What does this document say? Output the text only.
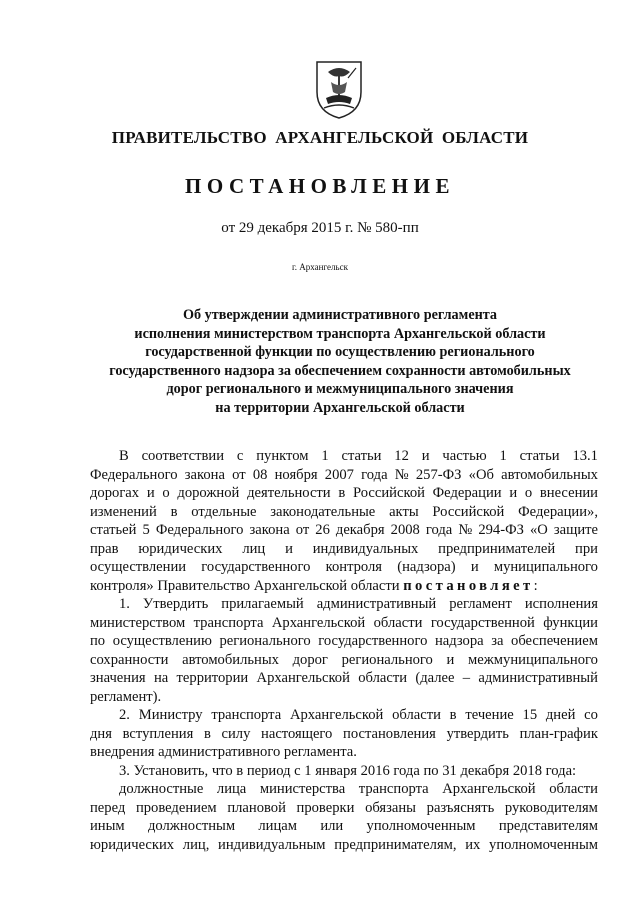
ПРАВИТЕЛЬСТВО АРХАНГЕЛЬСКОЙ ОБЛАСТИ
ПОСТАНОВЛЕНИЕ
от 29 декабря 2015 г. № 580-пп
г. Архангельск
Об утверждении административного регламента
исполнения министерством транспорта Архангельской области
государственной функции по осуществлению регионального
государственного надзора за обеспечением сохранности автомобильных
дорог регионального и межмуниципального значения
на территории Архангельской области
В соответствии с пунктом 1 статьи 12 и частью 1 статьи 13.1
Федерального закона от 08 ноября 2007 года № 257-ФЗ «Об автомобильных
дорогах и о дорожной деятельности в Российской Федерации и о внесении
изменений в отдельные законодательные акты Российской Федерации»,
статьей 5 Федерального закона от 26 декабря 2008 года № 294-ФЗ «О защите
прав юридических лиц и индивидуальных предпринимателей при
осуществлении государственного контроля (надзора) и муниципального
контроля» Правительство Архангельской области
постановляет :
1. Утвердить прилагаемый административный регламент исполнения
министерством транспорта Архангельской области государственной функции
по осуществлению регионального государственного надзора за обеспечением
сохранности автомобильных дорог регионального и межмуниципального
значения на территории Архангельской области (далее – административный
регламент).
2. Министру транспорта Архангельской области в течение 15 дней со
дня вступления в силу настоящего постановления утвердить план-график
внедрения административного регламента.
3. Установить, что в период с 1 января 2016 года по 31 декабря 2018 года:
должностные лица министерства транспорта Архангельской области
перед проведением плановой проверки обязаны разъяснять руководителям
иным должностным лицам или уполномоченным представителям
юридических лиц, индивидуальным предпринимателям, их уполномоченным
